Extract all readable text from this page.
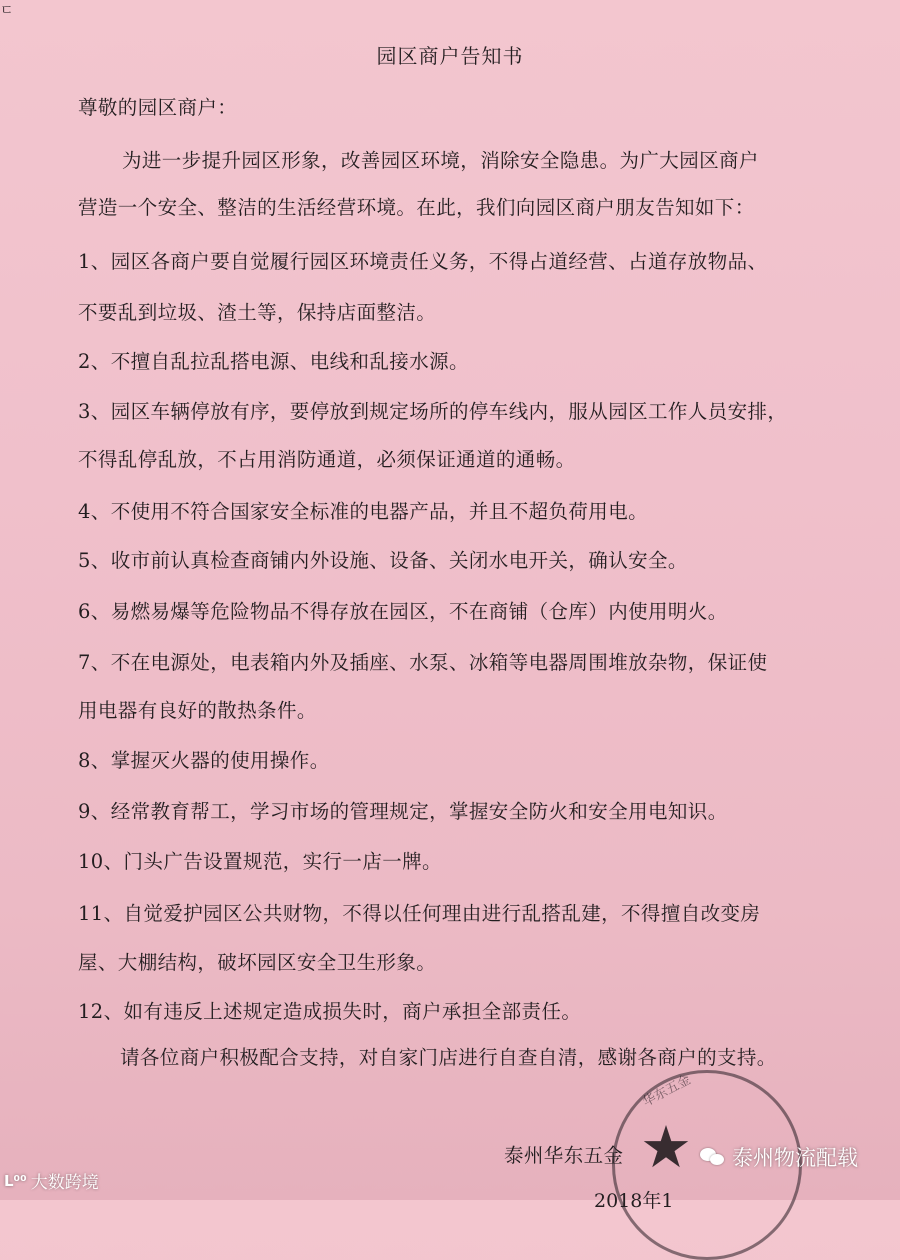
ㄷ
园区商户告知书
尊敬的园区商户：
为进一步提升园区形象，改善园区环境，消除安全隐患。为广大园区商户
营造一个安全、整洁的生活经营环境。在此，我们向园区商户朋友告知如下：
1、园区各商户要自觉履行园区环境责任义务，不得占道经营、占道存放物品、
不要乱到垃圾、渣土等，保持店面整洁。
2、不擅自乱拉乱搭电源、电线和乱接水源。
3、园区车辆停放有序，要停放到规定场所的停车线内，服从园区工作人员安排，
不得乱停乱放，不占用消防通道，必须保证通道的通畅。
4、不使用不符合国家安全标准的电器产品，并且不超负荷用电。
5、收市前认真检查商铺内外设施、设备、关闭水电开关，确认安全。
6、易燃易爆等危险物品不得存放在园区，不在商铺（仓库）内使用明火。
7、不在电源处，电表箱内外及插座、水泵、冰箱等电器周围堆放杂物，保证使
用电器有良好的散热条件。
8、掌握灭火器的使用操作。
9、经常教育帮工，学习市场的管理规定，掌握安全防火和安全用电知识。
10、门头广告设置规范，实行一店一牌。
11、自觉爱护园区公共财物，不得以任何理由进行乱搭乱建，不得擅自改变房
屋、大棚结构，破坏园区安全卫生形象。
12、如有违反上述规定造成损失时，商户承担全部责任。
请各位商户积极配合支持，对自家门店进行自查自清，感谢各商户的支持。
华东五金
★
泰州华东五金
2018年1
L⁰⁰ 大数跨境
泰州物流配载
